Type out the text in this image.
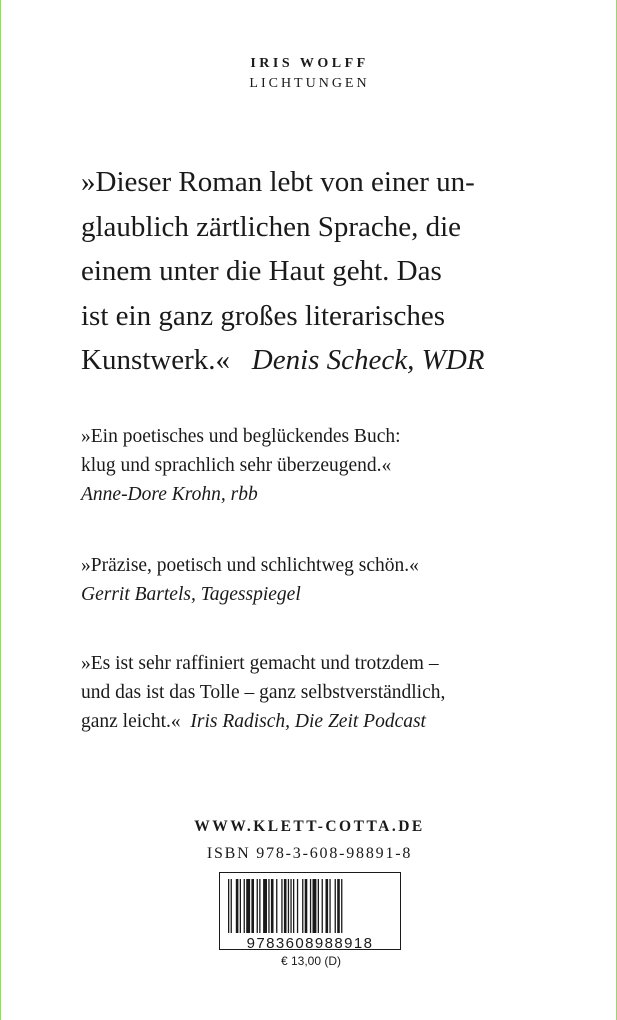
IRIS WOLFF
LICHTUNGEN
»Dieser Roman lebt von einer un-
glaublich zärtlichen Sprache, die
einem unter die Haut geht. Das
ist ein ganz großes literarisches
Kunstwerk.« Denis Scheck, WDR
»Ein poetisches und beglückendes Buch:
klug und sprachlich sehr überzeugend.«
Anne-Dore Krohn, rbb
»Präzise, poetisch und schlichtweg schön.«
Gerrit Bartels, Tagesspiegel
»Es ist sehr raffiniert gemacht und trotzdem –
und das ist das Tolle – ganz selbstverständlich,
ganz leicht.« Iris Radisch, Die Zeit Podcast
WWW.KLETT-COTTA.DE
ISBN 978-3-608-98891-8
9783608988918
€ 13,00 (D)
